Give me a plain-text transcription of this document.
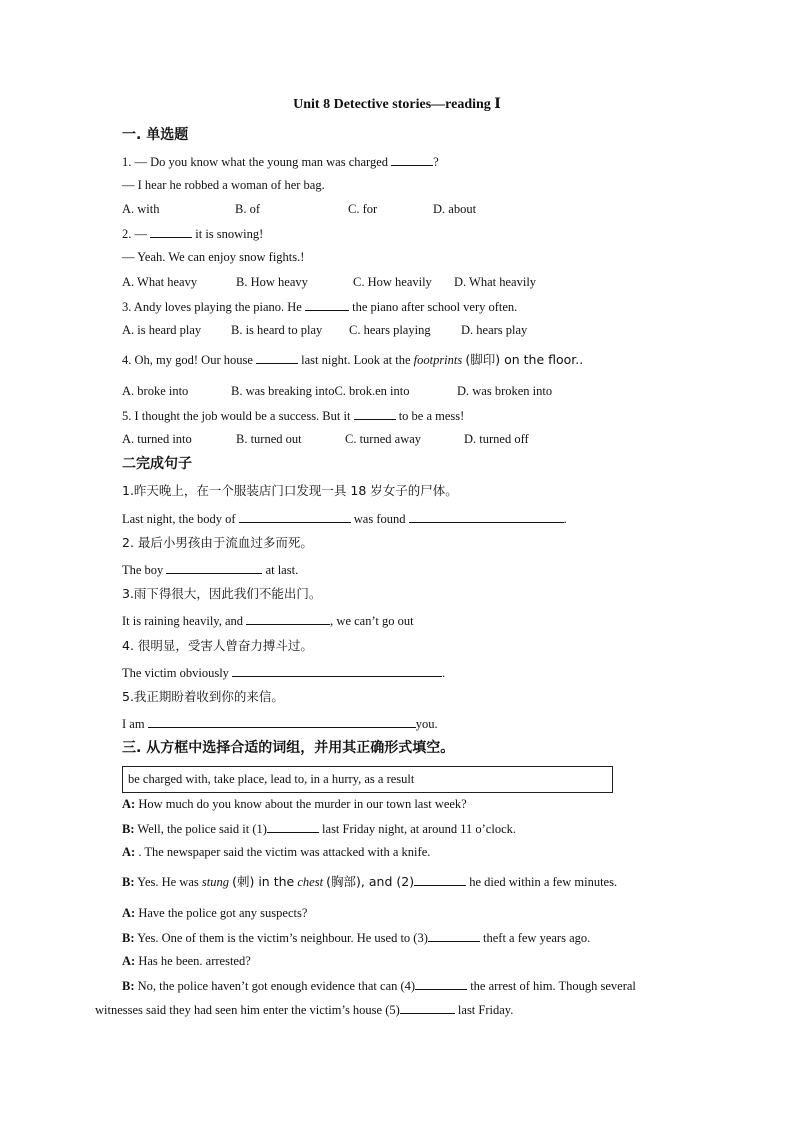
Unit 8 Detective stories—reading Ⅰ
一. 单选题
1. — Do you know what the young man was charged	?
— I hear he robbed a woman of her bag.
A. with	B. of	C. for	D. about
2. —	it is snowing!
— Yeah. We can enjoy snow fights.!
A. What heavy	B. How heavy	C. How heavily D. What heavily
3. Andy loves playing the piano. He	the piano after school very often.
A. is heard play B. is heard to play C. hears playing D. hears play
4. Oh, my god! Our house	last night. Look at the footprints (脚印) on the floor..
A. broke into	B. was breaking intoC. brok.en into	D. was broken into
5. I thought the job would be a success. But it	to be a mess!
A. turned into	B. turned out	C. turned away	D. turned off
二完成句子
1.昨天晚上，在一个服装店门口发现一具 18 岁女子的尸体。
Last night, the body of	was found	.
2. 最后小男孩由于流血过多而死。
The boy	at last.
3.雨下得很大，因此我们不能出门。
It is raining heavily, and	, we can’t go out
4. 很明显，受害人曾奋力搏斗过。
The victim obviously	.
5.我正期盼着收到你的来信。
I am	you.
三. 从方框中选择合适的词组，并用其正确形式填空。
be charged with, take place, lead to, in a hurry, as a result
A: How much do you know about the murder in our town last week?
B: Well, the police said it (1)	last Friday night, at around 11 o’clock.
A: . The newspaper said the victim was attacked with a knife.
B: Yes. He was stung (刺) in the chest (胸部), and (2)	he died within a few minutes.
A: Have the police got any suspects?
B: Yes. One of them is the victim’s neighbour. He used to (3)	theft a few years ago.
A: Has he been. arrested?
B: No, the police haven’t got enough evidence that can (4)	the arrest of him. Though several
witnesses said they had seen him enter the victim’s house (5)	last Friday.
